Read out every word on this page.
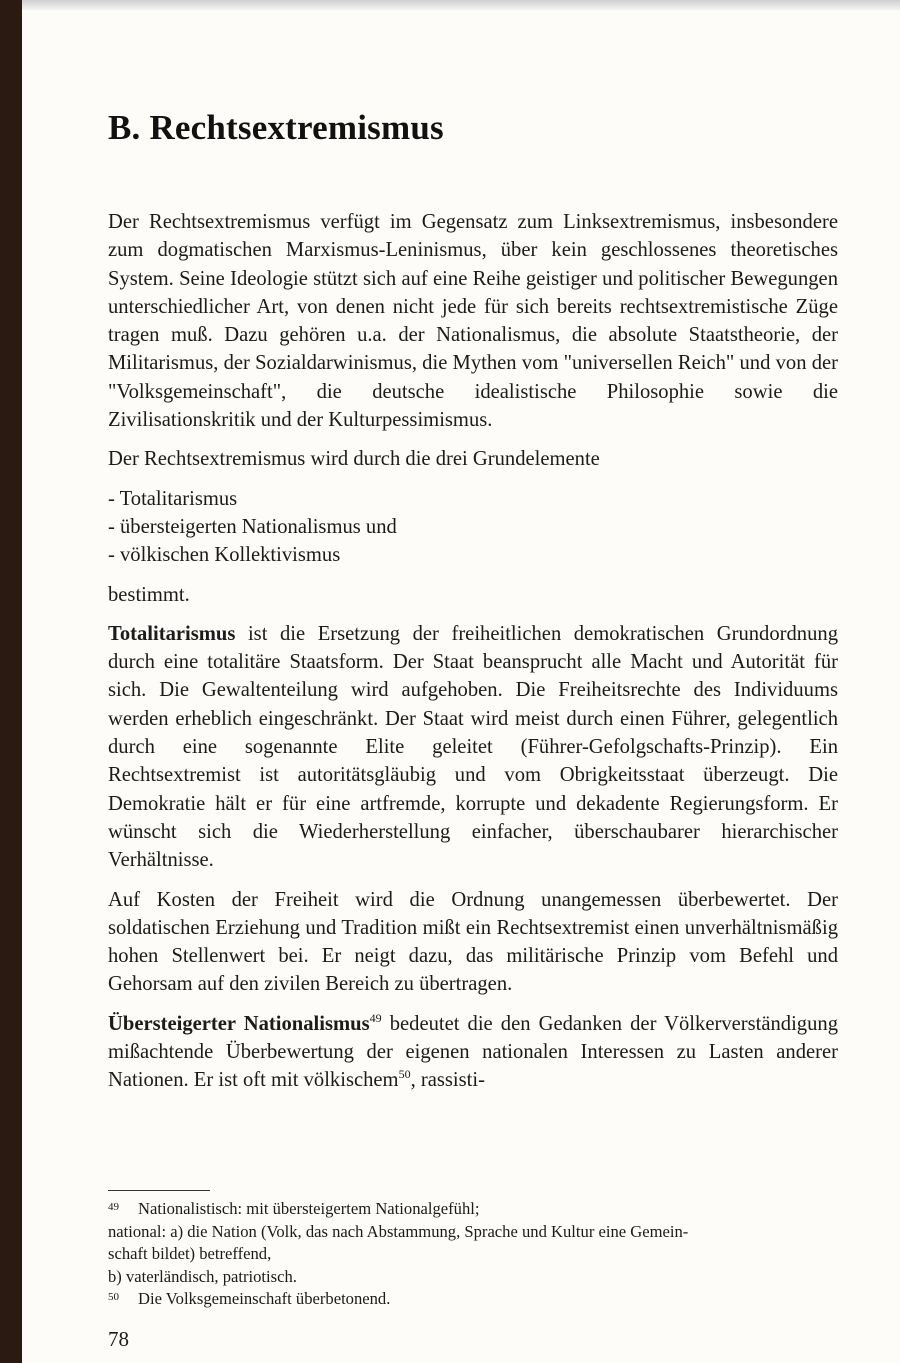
B. Rechtsextremismus

Der Rechtsextremismus verfügt im Gegensatz zum Linksextremismus, insbesondere zum dogmatischen Marxismus-Leninismus, über kein geschlossenes theoretisches System. Seine Ideologie stützt sich auf eine Reihe geistiger und politischer Bewegungen unterschiedlicher Art, von denen nicht jede für sich bereits rechtsextremistische Züge tragen muß. Dazu gehören u.a. der Nationalismus, die absolute Staatstheorie, der Militarismus, der Sozialdarwinismus, die Mythen vom "universellen Reich" und von der "Volksgemeinschaft", die deutsche idealistische Philosophie sowie die Zivilisationskritik und der Kulturpessimismus.

Der Rechtsextremismus wird durch die drei Grundelemente

- Totalitarismus
- übersteigerten Nationalismus und
- völkischen Kollektivismus

bestimmt.

Totalitarismus ist die Ersetzung der freiheitlichen demokratischen Grundordnung durch eine totalitäre Staatsform. Der Staat beansprucht alle Macht und Autorität für sich. Die Gewaltenteilung wird aufgehoben. Die Freiheitsrechte des Individuums werden erheblich eingeschränkt. Der Staat wird meist durch einen Führer, gelegentlich durch eine sogenannte Elite geleitet (Führer-Gefolgschafts-Prinzip). Ein Rechtsextremist ist autoritätsgläubig und vom Obrigkeitsstaat überzeugt. Die Demokratie hält er für eine artfremde, korrupte und dekadente Regierungsform. Er wünscht sich die Wiederherstellung einfacher, überschaubarer hierarchischer Verhältnisse.

Auf Kosten der Freiheit wird die Ordnung unangemessen überbewertet. Der soldatischen Erziehung und Tradition mißt ein Rechtsextremist einen unverhältnismäßig hohen Stellenwert bei. Er neigt dazu, das militärische Prinzip vom Befehl und Gehorsam auf den zivilen Bereich zu übertragen.

Übersteigerter Nationalismus$^{49}$ bedeutet die den Gedanken der Völkerverständigung mißachtende Überbewertung der eigenen nationalen Interessen zu Lasten anderer Nationen. Er ist oft mit völkischem$^{50}$, rassisti-

49 Nationalistisch: mit übersteigertem Nationalgefühl;

national: a) die Nation (Volk, das nach Abstammung, Sprache und Kultur eine Gemein-

schaft bildet) betreffend,

b) vaterländisch, patriotisch.

50 Die Volksgemeinschaft überbetonend.

78
